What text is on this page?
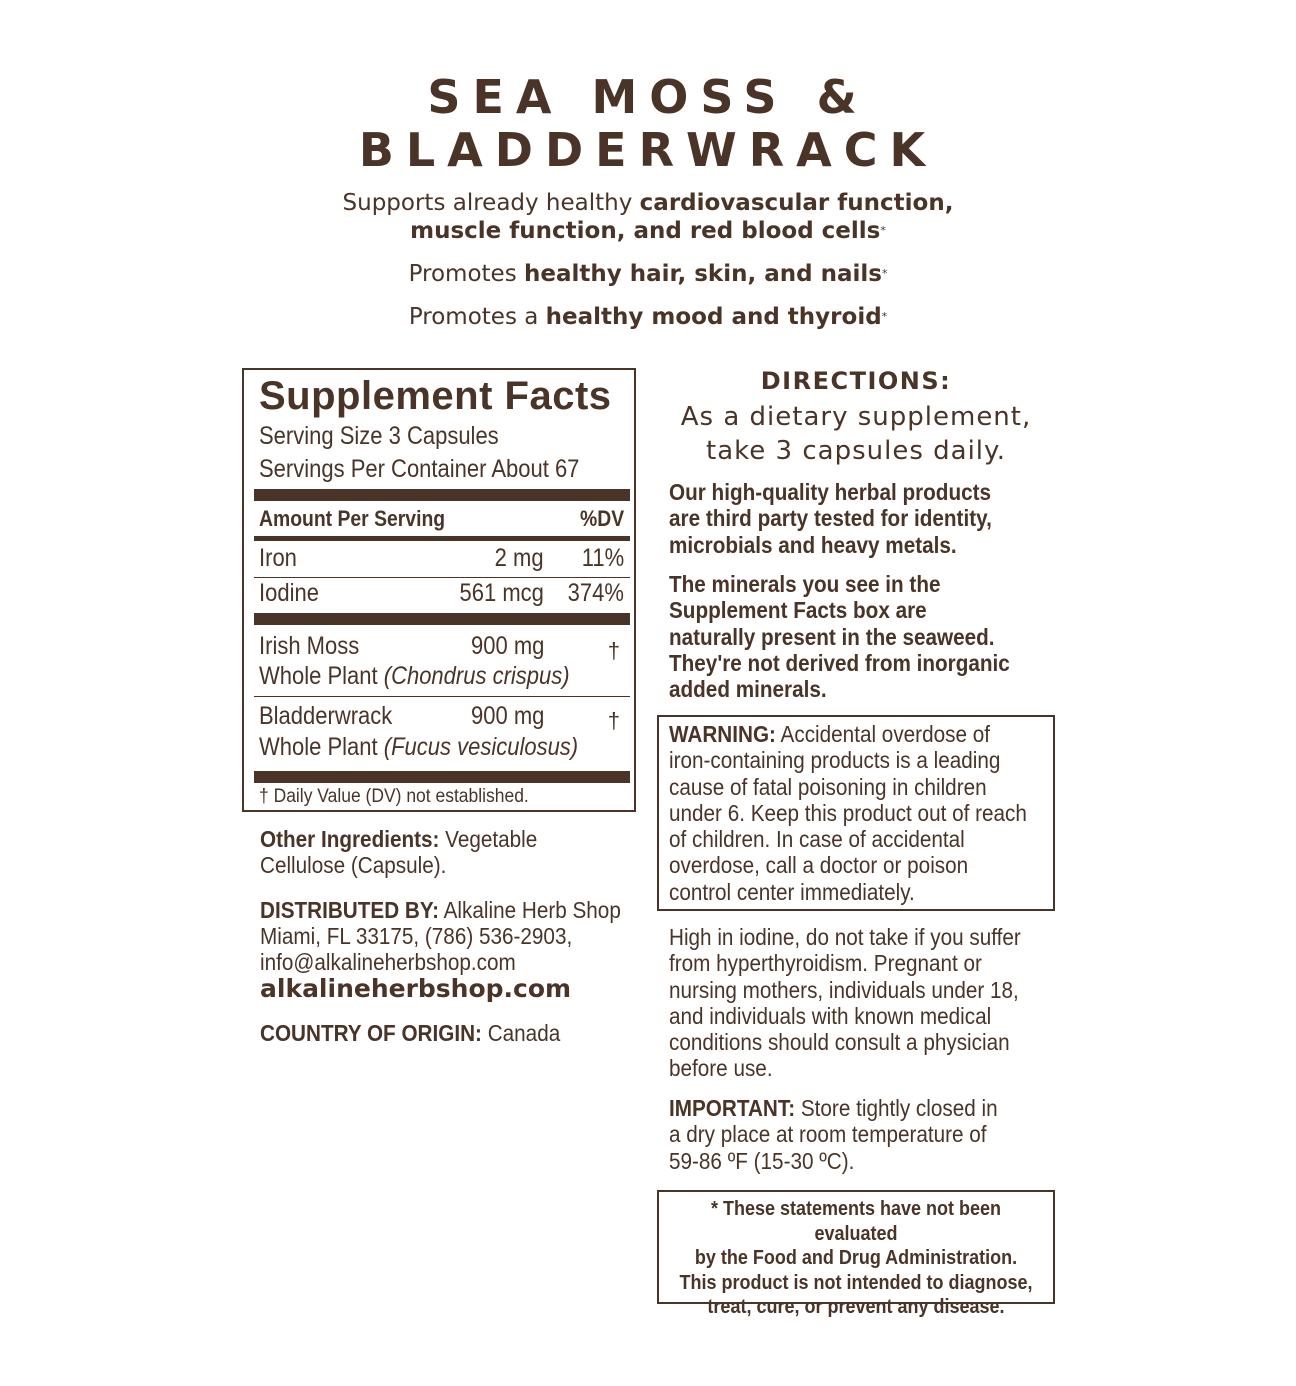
SEA MOSS &
BLADDERWRACK
Supports already healthy cardiovascular function,
muscle function, and red blood cells*
Promotes healthy hair, skin, and nails*
Promotes a healthy mood and thyroid*
Supplement Facts
Serving Size 3 Capsules
Servings Per Container About 67
Amount Per Serving	%DV
Iron	2 mg 11%
Iodine	561 mcg 374%
Irish Moss	900 mg	†
Whole Plant (Chondrus crispus)
Bladderwrack	900 mg	†
Whole Plant (Fucus vesiculosus)
† Daily Value (DV) not established.
Other Ingredients: Vegetable
Cellulose (Capsule).
DISTRIBUTED BY: Alkaline Herb Shop
Miami, FL 33175, (786) 536-2903,
info@alkalineherbshop.com
alkalineherbshop.com
COUNTRY OF ORIGIN: Canada
DIRECTIONS:
As a dietary supplement,
take 3 capsules daily.
Our high-quality herbal products
are third party tested for identity,
microbials and heavy metals.
The minerals you see in the
Supplement Facts box are
naturally present in the seaweed.
They're not derived from inorganic
added minerals.
WARNING: Accidental overdose of
iron-containing products is a leading
cause of fatal poisoning in children
under 6. Keep this product out of reach
of children. In case of accidental
overdose, call a doctor or poison
control center immediately.
High in iodine, do not take if you suffer
from hyperthyroidism. Pregnant or
nursing mothers, individuals under 18,
and individuals with known medical
conditions should consult a physician
before use.
IMPORTANT: Store tightly closed in
a dry place at room temperature of
59-86 ºF (15-30 ºC).
* These statements have not been evaluated
by the Food and Drug Administration.
This product is not intended to diagnose,
treat, cure, or prevent any disease.
